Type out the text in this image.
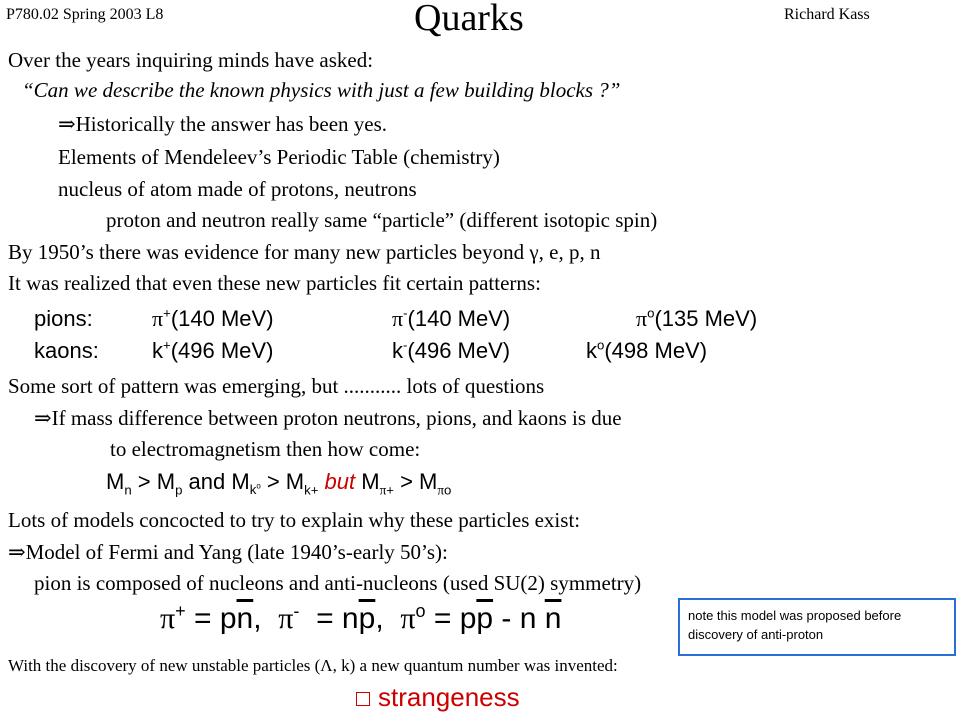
P780.02 Spring 2003 L8	Quarks	Richard Kass
Over the years inquiring minds have asked:
“Can we describe the known physics with just a few building blocks ?”
⇒Historically the answer has been yes.
Elements of Mendeleev’s Periodic Table (chemistry)
nucleus of atom made of protons, neutrons
proton and neutron really same “particle” (different isotopic spin)
By 1950’s there was evidence for many new particles beyond γ, e, p, n
It was realized that even these new particles fit certain patterns:
pions:	π+(140 MeV)	π-(140 MeV)	$\pi^o(135$ MeV)
kaons: k+(496 MeV)	k-(496 MeV)	$k^o(498$ MeV)
Some sort of pattern was emerging, but ........... lots of questions
⇒If mass difference between proton neutrons, pions, and kaons is due
to electromagnetism then how come:
$M_n > M_p$ and $M_{k^o} > M_{k+}$ but $M_{\pi+} > M_{\pi o}$
Lots of models concocted to try to explain why these particles exist:
⇒Model of Fermi and Yang (late 1940’s-early 50’s):
pion is composed of nucleons and anti-nucleons (used SU(2) symmetry)
$\pi^+ = p\overline{n}$,  $\pi^- = n\overline{p}$,  $\pi^o = p\overline{p} - n$ $\overline{n}$	note this model was proposed before discovery of anti-proton
With the discovery of new unstable particles (Λ, k) a new quantum number was invented:
strangeness
